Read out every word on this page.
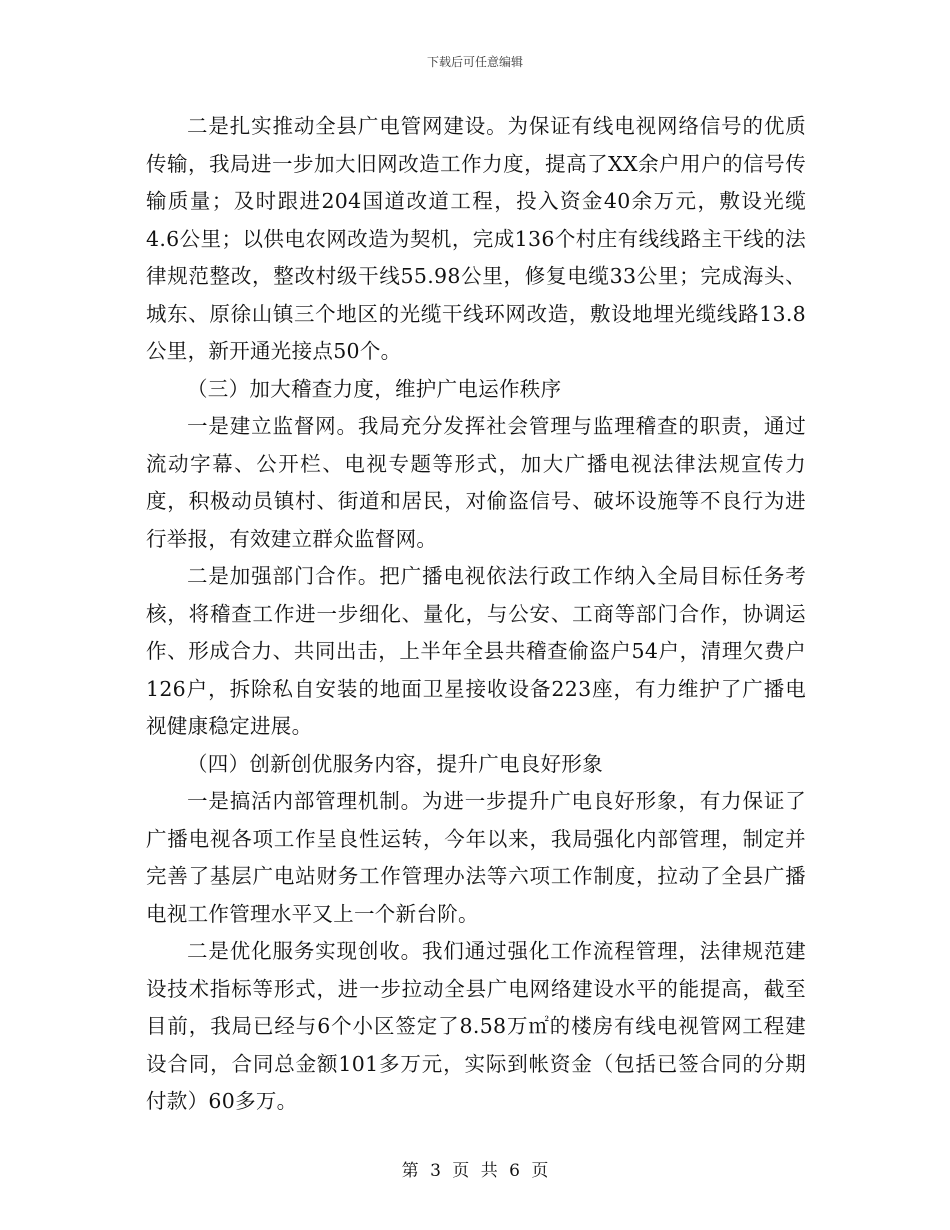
下载后可任意编辑

二是扎实推动全县广电管网建设。为保证有线电视网络信号的优质传输，我局进一步加大旧网改造工作力度，提高了XX余户用户的信号传输质量；及时跟进204国道改道工程，投入资金40余万元，敷设光缆4.6公里；以供电农网改造为契机，完成136个村庄有线线路主干线的法律规范整改，整改村级干线55.98公里，修复电缆33公里；完成海头、城东、原徐山镇三个地区的光缆干线环网改造，敷设地埋光缆线路13.8公里，新开通光接点50个。

（三）加大稽查力度，维护广电运作秩序

一是建立监督网。我局充分发挥社会管理与监理稽查的职责，通过流动字幕、公开栏、电视专题等形式，加大广播电视法律法规宣传力度，积极动员镇村、街道和居民，对偷盗信号、破坏设施等不良行为进行举报，有效建立群众监督网。

二是加强部门合作。把广播电视依法行政工作纳入全局目标任务考核，将稽查工作进一步细化、量化，与公安、工商等部门合作，协调运作、形成合力、共同出击，上半年全县共稽查偷盗户54户，清理欠费户126户，拆除私自安装的地面卫星接收设备223座，有力维护了广播电视健康稳定进展。

（四）创新创优服务内容，提升广电良好形象

一是搞活内部管理机制。为进一步提升广电良好形象，有力保证了广播电视各项工作呈良性运转，今年以来，我局强化内部管理，制定并完善了基层广电站财务工作管理办法等六项工作制度，拉动了全县广播电视工作管理水平又上一个新台阶。

二是优化服务实现创收。我们通过强化工作流程管理，法律规范建设技术指标等形式，进一步拉动全县广电网络建设水平的能提高，截至目前，我局已经与6个小区签定了8.58万㎡的楼房有线电视管网工程建设合同，合同总金额101多万元，实际到帐资金（包括已签合同的分期付款）60多万。

第 3 页 共 6 页
